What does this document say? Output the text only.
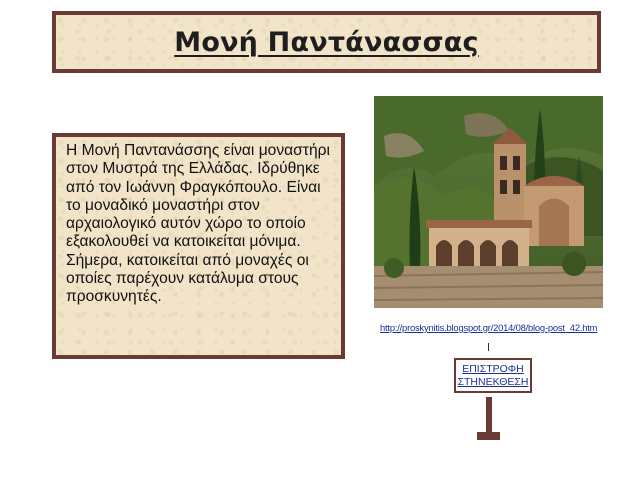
Μονή Παντάνασσας
Η Μονή Παντανάσσης είναι μοναστήρι στον Μυστρά της Ελλάδας. Ιδρύθηκε από τον Ιωάννη Φραγκόπουλο. Είναι το μοναδικό μοναστήρι στον αρχαιολογικό αυτόν χώρο το οποίο εξακολουθεί να κατοικείται μόνιμα. Σήμερα, κατοικείται από μοναχές οι οποίες παρέχουν κατάλυμα στους προσκυνητές.
http://proskynitis.blogspot.gr/2014/08/blog-post_42.htm
ΕΠΙΣΤΡΟΦΗ
ΣΤΗΝΕΚΘΕΣΗ
